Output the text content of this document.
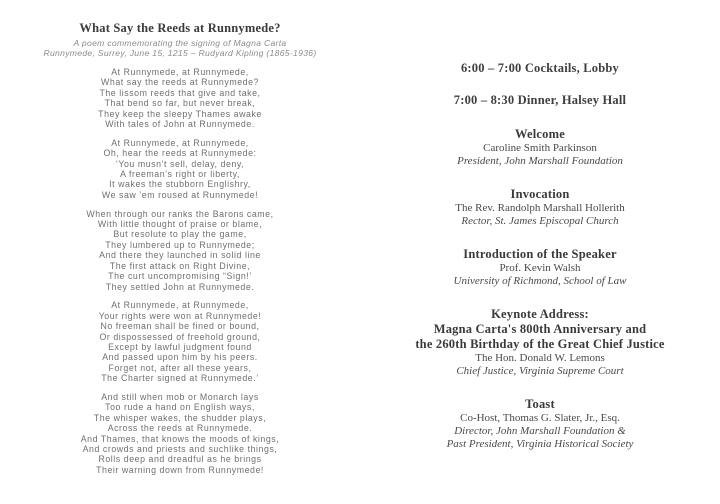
What Say the Reeds at Runnymede?
A poem commemorating the signing of Magna Carta
Runnymede, Surrey, June 15, 1215 – Rudyard Kipling (1865-1936)
At Runnymede, at Runnymede,
What say the reeds at Runnymede?
The lissom reeds that give and take,
That bend so far, but never break,
They keep the sleepy Thames awake
With tales of John at Runnymede.
At Runnymede, at Runnymede,
Oh, hear the reeds at Runnymede:
‘You musn’t sell, delay, deny,
A freeman’s right or liberty,
It wakes the stubborn Englishry,
We saw ’em roused at Runnymede!
When through our ranks the Barons came,
With little thought of praise or blame,
But resolute to play the game,
They lumbered up to Runnymede;
And there they launched in solid line
The first attack on Right Divine,
The curt uncompromising “Sign!’
They settled John at Runnymede.
At Runnymede, at Runnymede,
Your rights were won at Runnymede!
No freeman shall be fined or bound,
Or dispossessed of freehold ground,
Except by lawful judgment found
And passed upon him by his peers.
Forget not, after all these years,
The Charter signed at Runnymede.’
And still when mob or Monarch lays
Too rude a hand on English ways,
The whisper wakes, the shudder plays,
Across the reeds at Runnymede.
And Thames, that knows the moods of kings,
And crowds and priests and suchlike things,
Rolls deep and dreadful as he brings
Their warning down from Runnymede!
6:00 – 7:00 Cocktails, Lobby
7:00 – 8:30 Dinner, Halsey Hall
Welcome
Caroline Smith Parkinson
President, John Marshall Foundation
Invocation
The Rev. Randolph Marshall Hollerith
Rector, St. James Episcopal Church
Introduction of the Speaker
Prof. Kevin Walsh
University of Richmond, School of Law
Keynote Address:
Magna Carta's 800th Anniversary and
the 260th Birthday of the Great Chief Justice
The Hon. Donald W. Lemons
Chief Justice, Virginia Supreme Court
Toast
Co-Host, Thomas G. Slater, Jr., Esq.
Director, John Marshall Foundation &
Past President, Virginia Historical Society
